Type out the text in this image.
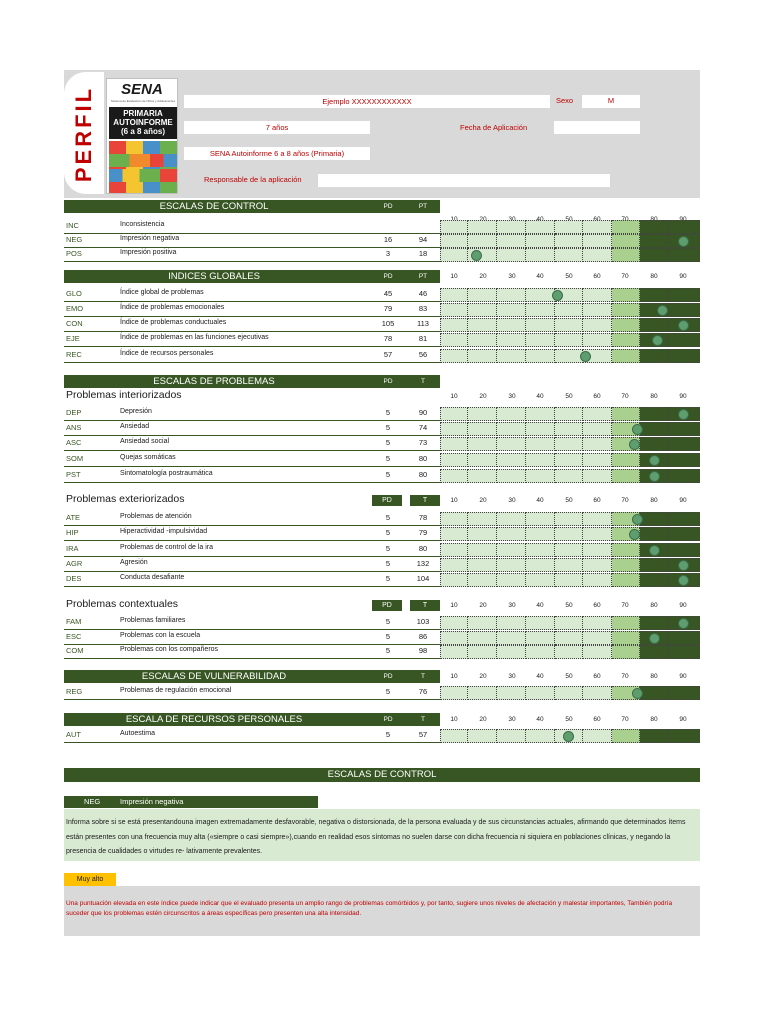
PERFIL	SENA
Sistema de Evaluación de Niños y Adolescentes
PRIMARIA
AUTOINFORME
(6 a 8 años)
Ejemplo XXXXXXXXXXXX	Sexo	M
7 años	Fecha de Aplicación
SENA Autoinforme 6 a 8 años (Primaria)
Responsable de la aplicación
ESCALAS DE CONTROL	PD	PT
INC	Inconsistencia
NEG	Impresión negativa	16	94
POS	Impresión positiva	3	18
INDICES GLOBALES	PD	PT	10	20	30	40	50	60	70	80	90
GLO	Índice global de problemas	45	46
EMO	Índice de problemas emocionales	79	83
CON	Índice de problemas conductuales	105	113
EJE	Índice de problemas en las funciones ejecutivas	78	81
REC	Índice de recursos personales	57	56
ESCALAS DE PROBLEMAS	PD	T
Problemas interiorizados	10	20	30	40	50	60	70	80	90
DEP	Depresión	5	90
ANS	Ansiedad	5	74
ASC	Ansiedad social	5	73
SOM	Quejas somáticas	5	80
PST	Sintomatología postraumática	5	80
Problemas exteriorizados	PD	T	10	20	30	40	50	60	70	80	90
ATE	Problemas de atención	5	78
HIP	Hiperactividad -impulsividad	5	79
IRA	Problemas de control de la ira	5	80
AGR	Agresión	5	132
DES	Conducta desafiante	5	104
Problemas contextuales	PD	T	10	20	30	40	50	60	70	80	90
FAM	Problemas familiares	5	103
ESC	Problemas con la escuela	5	86
COM	Problemas con los compañeros	5	98
ESCALAS DE VULNERABILIDAD	PD	T	10	20	30	40	50	60	70	80	90
REG	Problemas de regulación emocional	5	76
ESCALA DE RECURSOS PERSONALES	PD	T	10	20	30	40	50	60	70	80	90
AUT	Autoestima	5	57
ESCALAS DE CONTROL
NEG	Impresión negativa
Informa sobre si se está presentandouna imagen extremadamente desfavorable, negativa o distorsionada, de la persona evaluada y de sus circunstancias actuales, afirmando que determinados ítems están presentes con una frecuencia muy alta («siempre o casi siempre»),cuando en realidad esos síntomas no suelen darse con dicha frecuencia ni siquiera en poblaciones clínicas, y negando la presencia de cualidades o virtudes re- lativamente prevalentes.
Muy alto
Una puntuación elevada en este índice puede indicar que el evaluado presenta un amplio rango de problemas comórbidos y, por tanto, sugiere unos niveles de afectación y malestar importantes, También podría suceder que los problemas estén circunscritos a áreas específicas pero presenten una alta intensidad.
